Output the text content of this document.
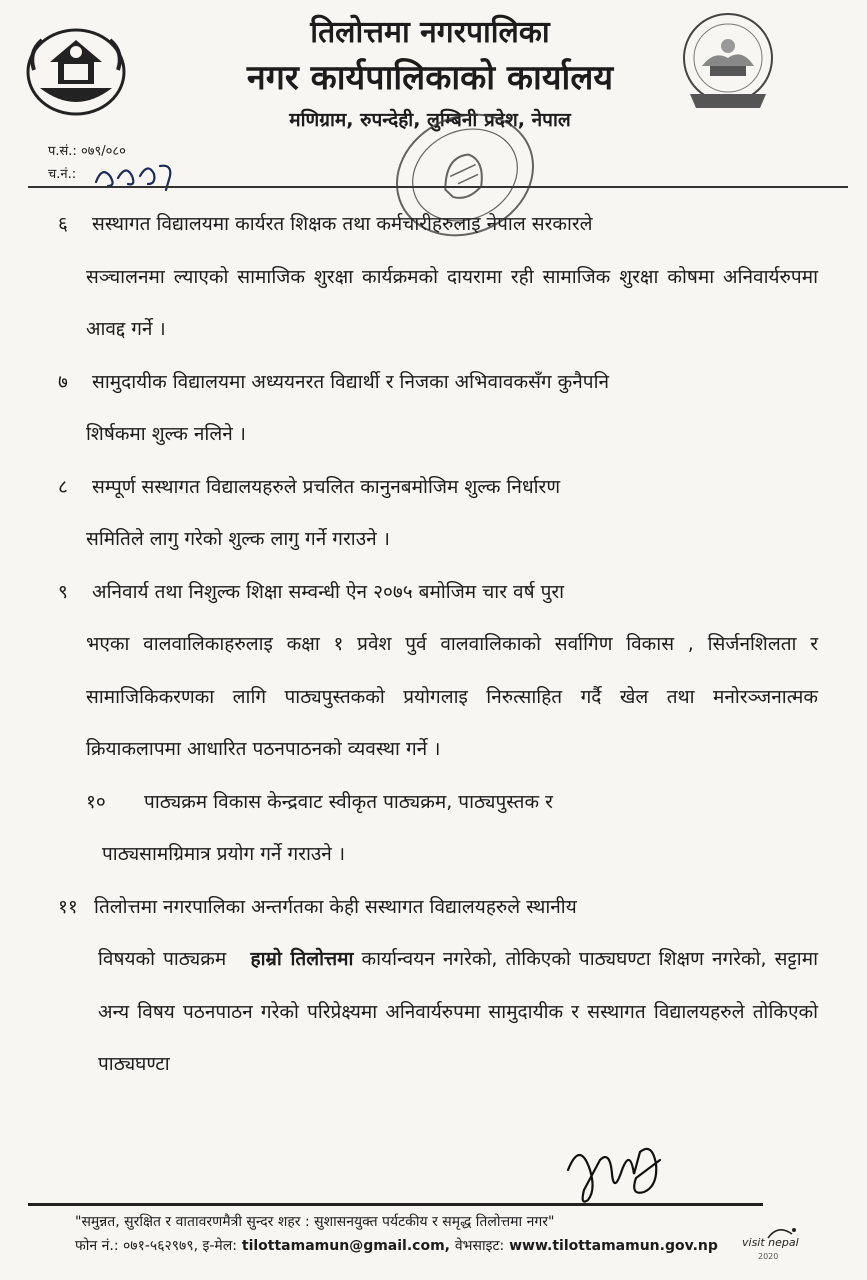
तिलोत्तमा नगरपालिका
नगर कार्यपालिकाको कार्यालय
मणिग्राम, रुपन्देही, लुम्बिनी प्रदेश, नेपाल
प.सं.: ०७९/०८०
च.नं.:

६ सस्थागत विद्यालयमा कार्यरत शिक्षक तथा कर्मचारीहरुलाइ नेपाल सरकारले
सञ्चालनमा ल्याएको सामाजिक शुरक्षा कार्यक्रमको दायरामा रही सामाजिक शुरक्षा कोषमा अनिवार्यरुपमा आवद्द गर्ने ।

७ सामुदायीक विद्यालयमा अध्ययनरत विद्यार्थी र निजका अभिवावकसँग कुनैपनि
शिर्षकमा शुल्क नलिने ।

८ सम्पूर्ण सस्थागत विद्यालयहरुले प्रचलित कानुनबमोजिम शुल्क निर्धारण
समितिले लागु गरेको शुल्क लागु गर्ने गराउने ।

९ अनिवार्य तथा निशुल्क शिक्षा सम्वन्धी ऐन २०७५ बमोजिम चार वर्ष पुरा
भएका वालवालिकाहरुलाइ कक्षा १ प्रवेश पुर्व वालवालिकाको सर्वागिण विकास , सिर्जनशिलता र सामाजिकिकरणका लागि पाठ्यपुस्तकको प्रयोगलाइ निरुत्साहित गर्दै खेल तथा मनोरञ्जनात्मक क्रियाकलापमा आधारित पठनपाठनको व्यवस्था गर्ने ।

१० पाठ्यक्रम विकास केन्द्रवाट स्वीकृत पाठ्यक्रम, पाठ्यपुस्तक र
पाठ्यसामग्रिमात्र प्रयोग गर्ने गराउने ।

११ तिलोत्तमा नगरपालिका अन्तर्गतका केही सस्थागत विद्यालयहरुले स्थानीय
विषयको पाठ्यक्रम हाम्रो तिलोत्तमा कार्यान्वयन नगरेको, तोकिएको पाठ्यघण्टा शिक्षण नगरेको, सट्टामा अन्य विषय पठनपाठन गरेको परिप्रेक्ष्यमा अनिवार्यरुपमा सामुदायीक र सस्थागत विद्यालयहरुले तोकिएको पाठ्यघण्टा

"समुन्नत, सुरक्षित र वातावरणमैत्री सुन्दर शहर : सुशासनयुक्त पर्यटकीय र समृद्ध तिलोत्तमा नगर"
फोन नं.: ०७१-५६२९७९, इ-मेल: tilottamamun@gmail.com, वेभसाइट: www.tilottamamun.gov.np	visit nepal
2020
